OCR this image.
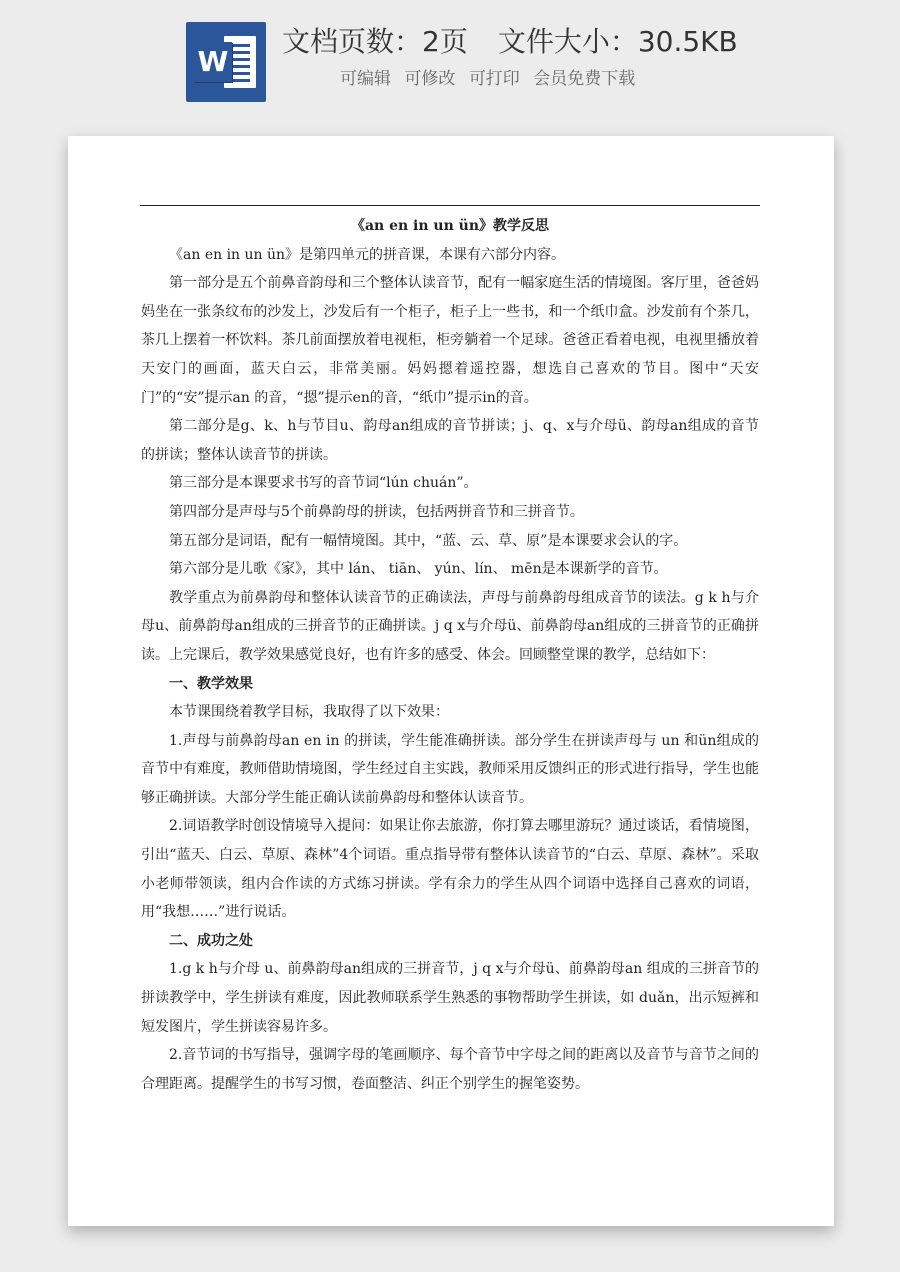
W
文档页数：2页 文件大小：30.5KB
可编辑 可修改 可打印 会员免费下载

《an en in un ün》教学反思

《an en in un ün》是第四单元的拼音课，本课有六部分内容。

第一部分是五个前鼻音韵母和三个整体认读音节，配有一幅家庭生活的情境图。客厅里，爸爸妈妈坐在一张条纹布的沙发上，沙发后有一个柜子，柜子上一些书，和一个纸巾盒。沙发前有个茶几，茶几上摆着一杯饮料。茶几前面摆放着电视柜，柜旁躺着一个足球。爸爸正看着电视，电视里播放着天安门的画面，蓝天白云，非常美丽。妈妈摁着遥控器，想选自己喜欢的节目。图中“天安门”的“安”提示an 的音，“摁”提示en的音，“纸巾”提示in的音。

第二部分是g、k、h与节目u、韵母an组成的音节拼读；j、q、x与介母ü、韵母an组成的音节的拼读；整体认读音节的拼读。

第三部分是本课要求书写的音节词“lún chuán”。

第四部分是声母与5个前鼻韵母的拼读，包括两拼音节和三拼音节。

第五部分是词语，配有一幅情境图。其中，“蓝、云、草、原”是本课要求会认的字。

第六部分是儿歌《家》，其中 lán、 tiān、 yún、lín、 mēn是本课新学的音节。

教学重点为前鼻韵母和整体认读音节的正确读法，声母与前鼻韵母组成音节的读法。g k h与介母u、前鼻韵母an组成的三拼音节的正确拼读。j q x与介母ü、前鼻韵母an组成的三拼音节的正确拼读。上完课后，教学效果感觉良好，也有许多的感受、体会。回顾整堂课的教学，总结如下：

一、教学效果

本节课围绕着教学目标，我取得了以下效果：

1.声母与前鼻韵母an en in 的拼读，学生能准确拼读。部分学生在拼读声母与 un 和ün组成的音节中有难度，教师借助情境图，学生经过自主实践，教师采用反馈纠正的形式进行指导，学生也能够正确拼读。大部分学生能正确认读前鼻韵母和整体认读音节。

2.词语教学时创设情境导入提问：如果让你去旅游，你打算去哪里游玩？通过谈话，看情境图，引出“蓝天、白云、草原、森林”4个词语。重点指导带有整体认读音节的“白云、草原、森林”。采取小老师带领读，组内合作读的方式练习拼读。学有余力的学生从四个词语中选择自己喜欢的词语，用“我想……”进行说话。

二、成功之处

1.g k h与介母 u、前鼻韵母an组成的三拼音节，j q x与介母ü、前鼻韵母an 组成的三拼音节的拼读教学中，学生拼读有难度，因此教师联系学生熟悉的事物帮助学生拼读，如 duǎn，出示短裤和短发图片，学生拼读容易许多。

2.音节词的书写指导，强调字母的笔画顺序、每个音节中字母之间的距离以及音节与音节之间的合理距离。提醒学生的书写习惯，卷面整洁、纠正个别学生的握笔姿势。
